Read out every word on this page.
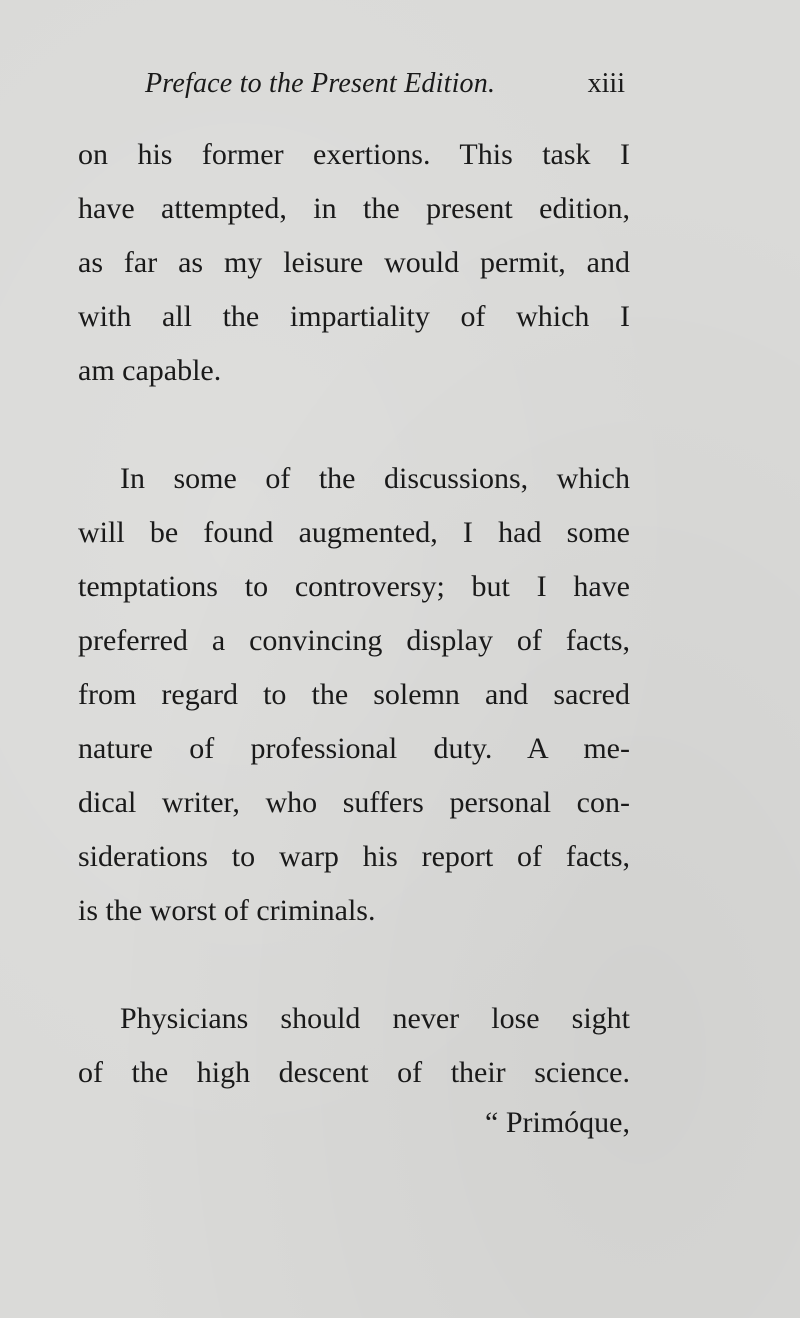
Preface to the Present Edition.	xiii
on his former exertions. This task I
have attempted, in the present edition,
as far as my leisure would permit, and
with all the impartiality of which I
am capable.
In some of the discussions, which
will be found augmented, I had some
temptations to controversy; but I have
preferred a convincing display of facts,
from regard to the solemn and sacred
nature of professional duty. A me-
dical writer, who suffers personal con-
siderations to warp his report of facts,
is the worst of criminals.
Physicians should never lose sight
of the high descent of their science.
“ Primóque,
